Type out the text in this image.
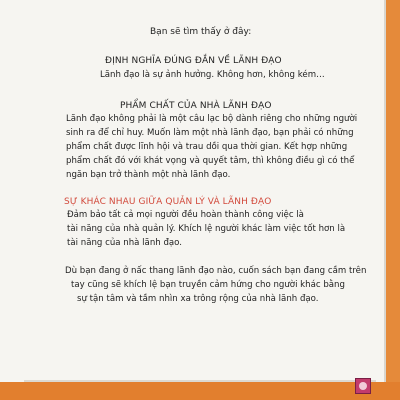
Bạn sẽ tìm thấy ở đây:
ĐỊNH NGHĨA ĐÚNG ĐẮN VỀ LÃNH ĐẠO
Lãnh đạo là sự ảnh hưởng. Không hơn, không kém…
PHẨM CHẤT CỦA NHÀ LÃNH ĐẠO
Lãnh đạo không phải là một câu lạc bộ dành riêng cho những người
sinh ra để chỉ huy. Muốn làm một nhà lãnh đạo, bạn phải có những
phẩm chất được lĩnh hội và trau dồi qua thời gian. Kết hợp những
phẩm chất đó với khát vọng và quyết tâm, thì không điều gì có thể
ngăn bạn trở thành một nhà lãnh đạo.
SỰ KHÁC NHAU GIỮA QUẢN LÝ VÀ LÃNH ĐẠO
Đảm bảo tất cả mọi người đều hoàn thành công việc là
tài năng của nhà quản lý. Khích lệ người khác làm việc tốt hơn là
tài năng của nhà lãnh đạo.
Dù bạn đang ở nấc thang lãnh đạo nào, cuốn sách bạn đang cầm trên
tay cũng sẽ khích lệ bạn truyền cảm hứng cho người khác bằng
sự tận tâm và tầm nhìn xa trông rộng của nhà lãnh đạo.
